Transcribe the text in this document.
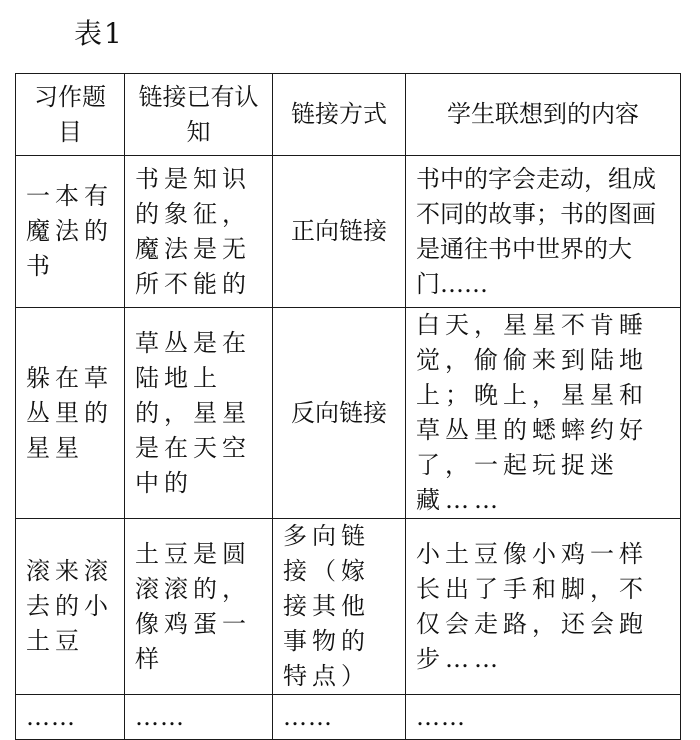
表1
习作题目	链接已有认知	链接方式	学生联想到的内容
一本有魔法的书	书是知识的象征，魔法是无所不能的	正向链接	书中的字会走动，组成不同的故事；书的图画是通往书中世界的大门……
躲在草丛里的星星	草丛是在陆地上的，星星是在天空中的	反向链接	白天，星星不肯睡觉，偷偷来到陆地上；晚上，星星和草丛里的蟋蟀约好了，一起玩捉迷藏……
滚来滚去的小土豆	土豆是圆滚滚的，像鸡蛋一样	多向链接（嫁接其他事物的特点）	小土豆像小鸡一样长出了手和脚，不仅会走路，还会跑步……
……	……	……	……
